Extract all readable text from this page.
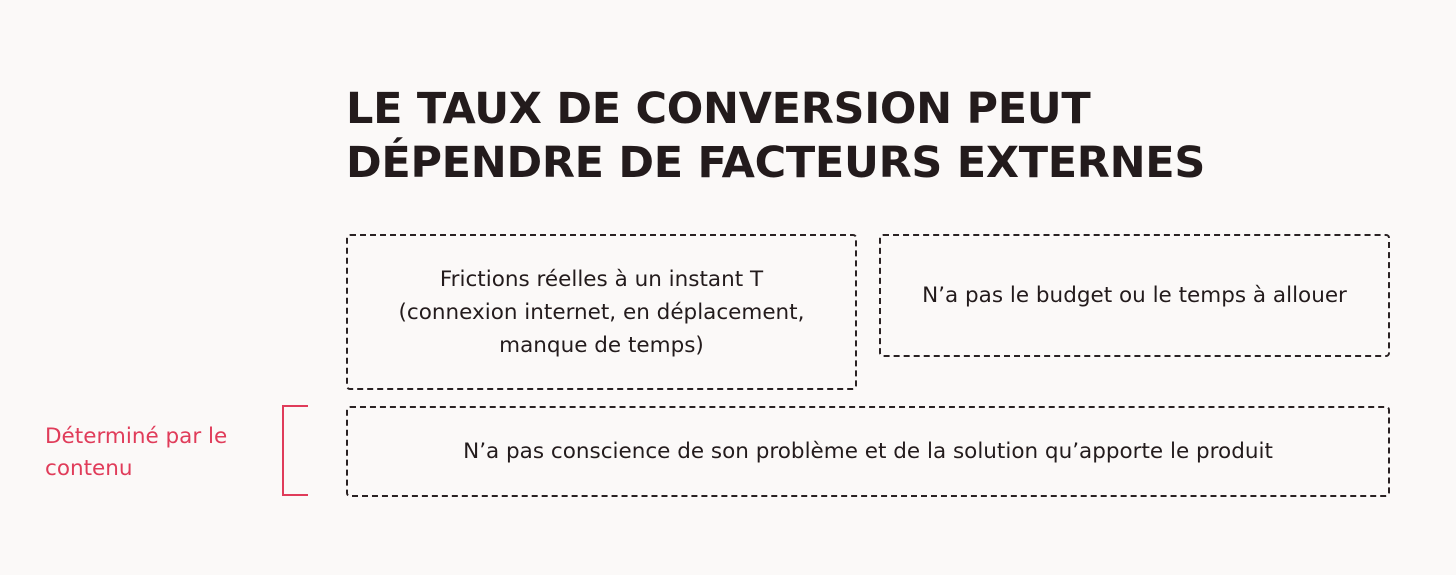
LE TAUX DE CONVERSION PEUT
DÉPENDRE DE FACTEURS EXTERNES
Frictions réelles à un instant T
(connexion internet, en déplacement,
manque de temps)
N’a pas le budget ou le temps à allouer
N’a pas conscience de son problème et de la solution qu’apporte le produit
Déterminé par le
contenu
